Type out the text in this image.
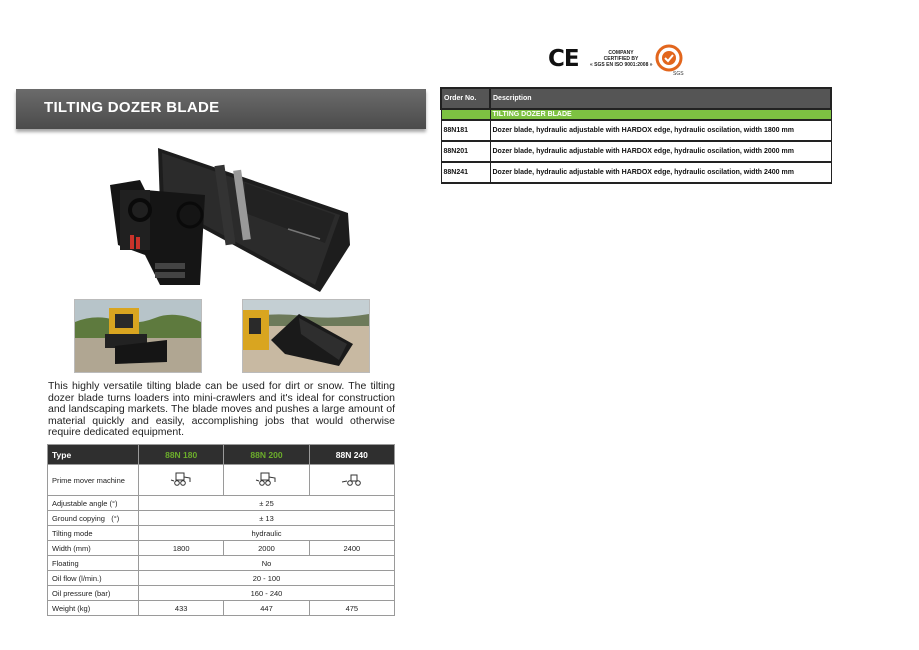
CE	COMPANY
CERTIFIED BY
« SGS EN ISO 9001:2008 »
SGS
TILTING DOZER BLADE

This highly versatile tilting blade can be used for dirt or snow. The tilting dozer blade turns loaders into mini-crawlers and it's ideal for construction and landscaping markets. The blade moves and pushes a large amount of material quickly and easily, accomplishing jobs that would otherwise require dedicated equipment.

Type	88N 180	88N 200	88N 240
Prime mover machine			
Adjustable angle (°)	± 25		
Ground copying   (°)	± 13		
Tilting mode	hydraulic		
Width (mm)	1800	2000	2400
Floating	No		
Oil flow (l/min.)	20 - 100		
Oil pressure (bar)	160 - 240		
Weight (kg)	433	447	475
Order No.	Description
	TILTING DOZER BLADE
88N181	Dozer blade, hydraulic adjustable with HARDOX edge, hydraulic oscilation, width 1800 mm
88N201	Dozer blade, hydraulic adjustable with HARDOX edge, hydraulic oscilation, width 2000 mm
88N241	Dozer blade, hydraulic adjustable with HARDOX edge, hydraulic oscilation, width 2400 mm
